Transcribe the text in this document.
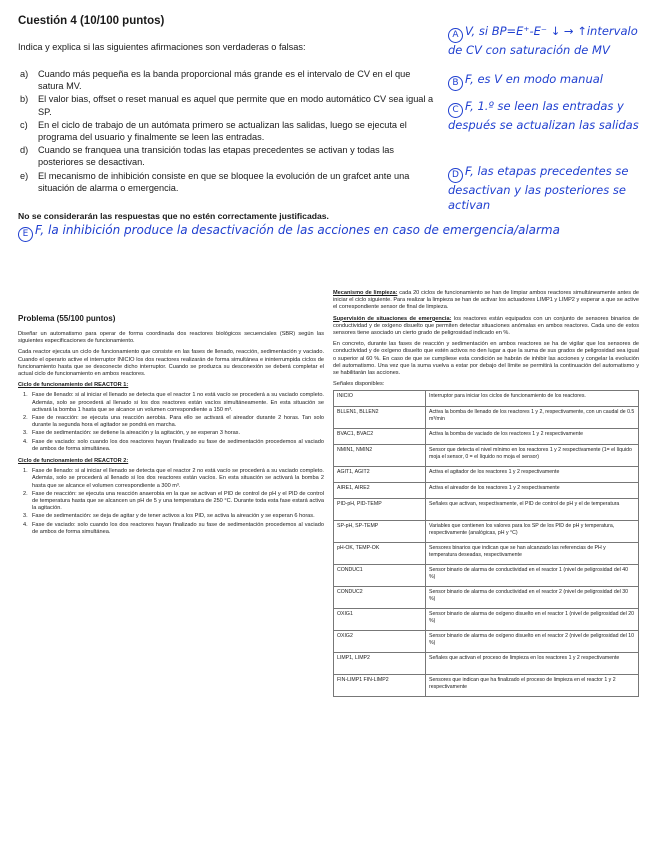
Cuestión 4 (10/100 puntos)
Indica y explica si las siguientes afirmaciones son verdaderas o falsas:
a) Cuando más pequeña es la banda proporcional más grande es el intervalo de CV en el que satura MV.
b) El valor bias, offset o reset manual es aquel que permite que en modo automático CV sea igual a SP.
c) En el ciclo de trabajo de un autómata primero se actualizan las salidas, luego se ejecuta el programa del usuario y finalmente se leen las entradas.
d) Cuando se franquea una transición todas las etapas precedentes se activan y todas las posteriores se desactivan.
e) El mecanismo de inhibición consiste en que se bloquee la evolución de un grafcet ante una situación de alarma o emergencia.
No se considerarán las respuestas que no estén correctamente justificadas.
A V, si BP=E⁺-E⁻ ↓ → ↑intervalo de CV con saturación de MV
B F, es V en modo manual
C F, 1.º se leen las entradas y después se actualizan las salidas
D F, las etapas precedentes se desactivan y las posteriores se activan
E F, la inhibición produce la desactivación de las acciones en caso de emergencia/alarma
Problema (55/100 puntos)

Diseñar un automatismo para operar de forma coordinada dos reactores biológicos secuenciales (SBR) según las siguientes especificaciones de funcionamiento.

Cada reactor ejecuta un ciclo de funcionamiento que consiste en las fases de llenado, reacción, sedimentación y vaciado. Cuando el operario active el interruptor INICIO los dos reactores realizarán de forma simultánea e ininterrumpida ciclos de funcionamiento hasta que se desconecte dicho interruptor. Cuando se produzca su desconexión se deberá completar el actual ciclo de funcionamiento en ambos reactores.

Ciclo de funcionamiento del REACTOR 1:
1. Fase de llenado: si al iniciar el llenado se detecta que el reactor 1 no está vacío se procederá a su vaciado completo. Además, solo se procederá al llenado si los dos reactores están vacíos simultáneamente. En esta situación se activará la bomba 1 hasta que se alcance un volumen correspondiente a 150 m³.
2. Fase de reacción: se ejecuta una reacción aerobia. Para ello se activará el aireador durante 2 horas. Tan solo durante la segunda hora el agitador se pondrá en marcha.
3. Fase de sedimentación: se detiene la aireación y la agitación, y se esperan 3 horas.
4. Fase de vaciado: solo cuando los dos reactores hayan finalizado su fase de sedimentación procedemos al vaciado de ambos de forma simultánea.
Ciclo de funcionamiento del REACTOR 2:
1. Fase de llenado: si al iniciar el llenado se detecta que el reactor 2 no está vacío se procederá a su vaciado completo. Además, solo se procederá al llenado si los dos reactores están vacíos. En esta situación se activará la bomba 2 hasta que se alcance el volumen correspondiente a 300 m³.
2. Fase de reacción: se ejecuta una reacción anaerobia en la que se activan el PID de control de pH y el PID de control de temperatura hasta que se alcancen un pH de 5 y una temperatura de 250 °C. Durante toda esta fase estará activa la agitación.
3. Fase de sedimentación: se deja de agitar y de tener activos a los PID, se activa la aireación y se esperan 6 horas.
4. Fase de vaciado: solo cuando los dos reactores hayan finalizado su fase de sedimentación procedemos al vaciado de ambos de forma simultánea.

Mecanismo de limpieza: cada 20 ciclos de funcionamiento se han de limpiar ambos reactores simultáneamente antes de iniciar el ciclo siguiente. Para realizar la limpieza se han de activar los actuadores LIMP1 y LIMP2 y esperar a que se active el correspondiente sensor de final de limpieza.

Supervisión de situaciones de emergencia: los reactores están equipados con un conjunto de sensores binarios de conductividad y de oxígeno disuelto que permiten detectar situaciones anómalas en ambos reactores. Cada uno de estos sensores tiene asociado un cierto grado de peligrosidad indicado en %.

En concreto, durante las fases de reacción y sedimentación en ambos reactores se ha de vigilar que los sensores de conductividad y de oxígeno disuelto que estén activos no den lugar a que la suma de sus grados de peligrosidad sea igual o superior al 60 %. En caso de que se cumpliese esta condición se habrán de inhibir las acciones y congelar la evolución del automatismo. Una vez que la suma vuelva a estar por debajo del límite se permitirá la continuación del automatismo y se habilitarán las acciones.

Señales disponibles:
INICIO	Interruptor para iniciar los ciclos de funcionamiento de los reactores.
BLLEN1, BLLEN2	Activa la bomba de llenado de los reactores 1 y 2, respectivamente, con un caudal de 0.5 m³/min
BVAC1, BVAC2	Activa la bomba de vaciado de los reactores 1 y 2 respectivamente
NMIN1, NMIN2	Sensor que detecta el nivel mínimo en los reactores 1 y 2 respectivamente (1= el líquido moja el sensor, 0 = el líquido no moja el sensor)
AGIT1, AGIT2	Activa el agitador de los reactores 1 y 2 respectivamente
AIRE1, AIRE2	Activa el aireador de los reactores 1 y 2 respectivamente
PID-pH, PID-TEMP	Señales que activan, respectivamente, el PID de control de pH y el de temperatura
SP-pH, SP-TEMP	Variables que contienen los valores para los SP de los PID de pH y temperatura, respectivamente (analógicas, pH y °C)
pH-OK, TEMP-OK	Sensores binarios que indican que se han alcanzado las referencias de PH y temperatura deseadas, respectivamente
CONDUC1	Sensor binario de alarma de conductividad en el reactor 1 (nivel de peligrosidad del 40 %)
CONDUC2	Sensor binario de alarma de conductividad en el reactor 2 (nivel de peligrosidad del 30 %)
OXIG1	Sensor binario de alarma de oxígeno disuelto en el reactor 1 (nivel de peligrosidad del 20 %)
OXIG2	Sensor binario de alarma de oxígeno disuelto en el reactor 2 (nivel de peligrosidad del 10 %)
LIMP1, LIMP2	Señales que activan el proceso de limpieza en los reactores 1 y 2 respectivamente
FIN-LIMP1 FIN-LIMP2	Sensores que indican que ha finalizado el proceso de limpieza en el reactor 1 y 2 respectivamente
